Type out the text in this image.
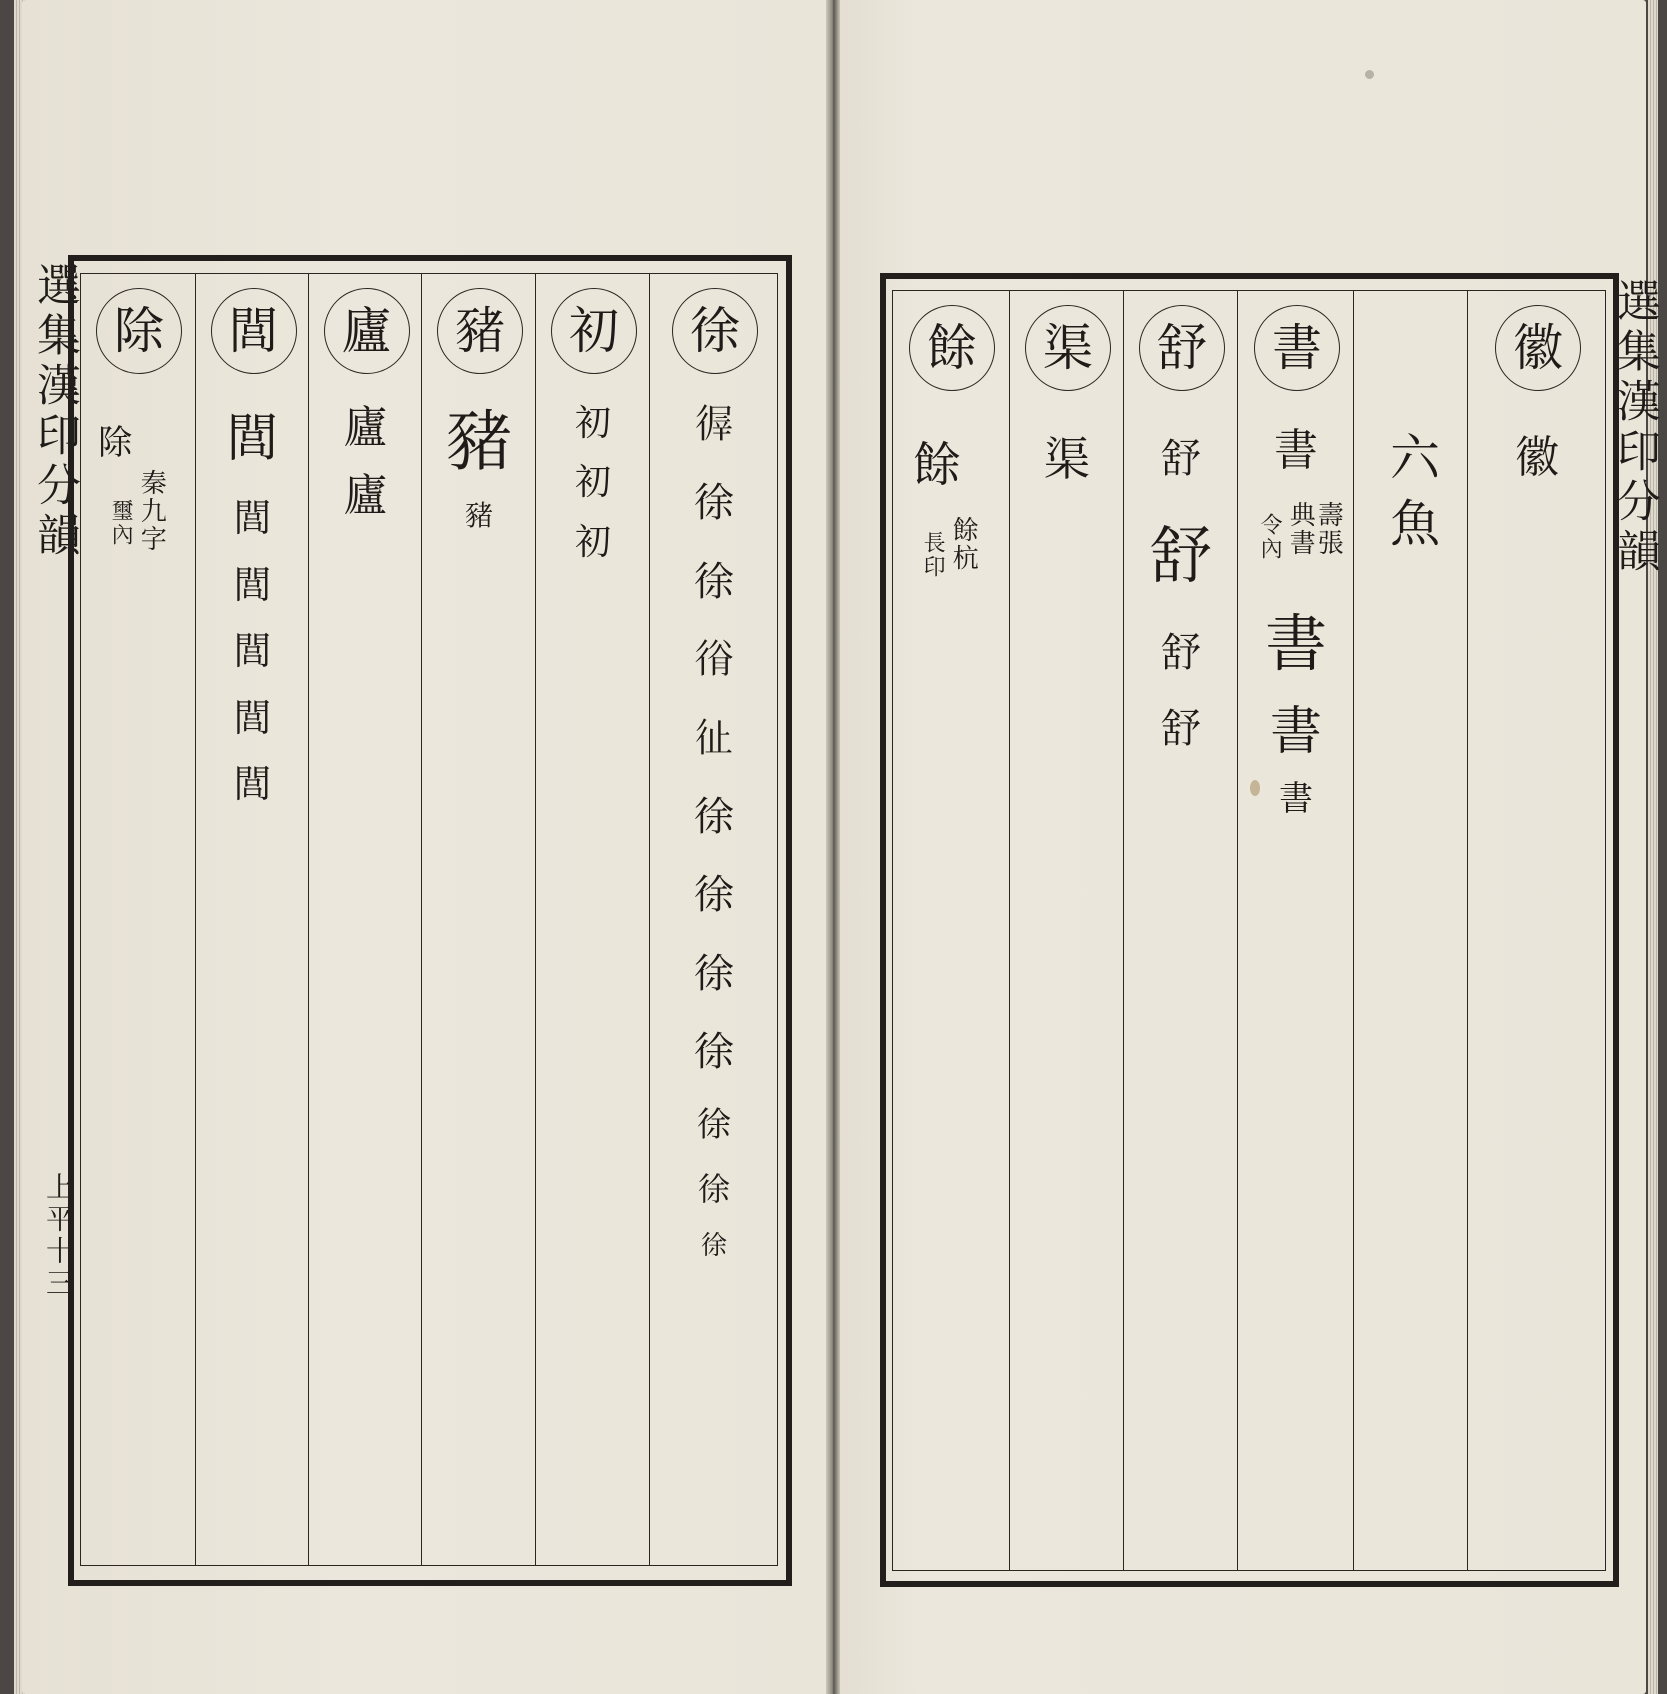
選集漢印分韻
上平十三
除
除
秦九字
璽內
閭
閭
閭
閭
閭
閭
閭
廬
廬
廬
豬
豬
豬
初
初
初
初
徐
𢕌
徐
徐
𢔍
𢓊
徐
徐
徐
徐
徐
徐
徐
餘
餘
餘杭
長印
渠
渠
舒
舒
舒
舒
舒
書
書
壽張
典書
令內
書
書
書
六魚
徽
徽 選集漢印分韻
